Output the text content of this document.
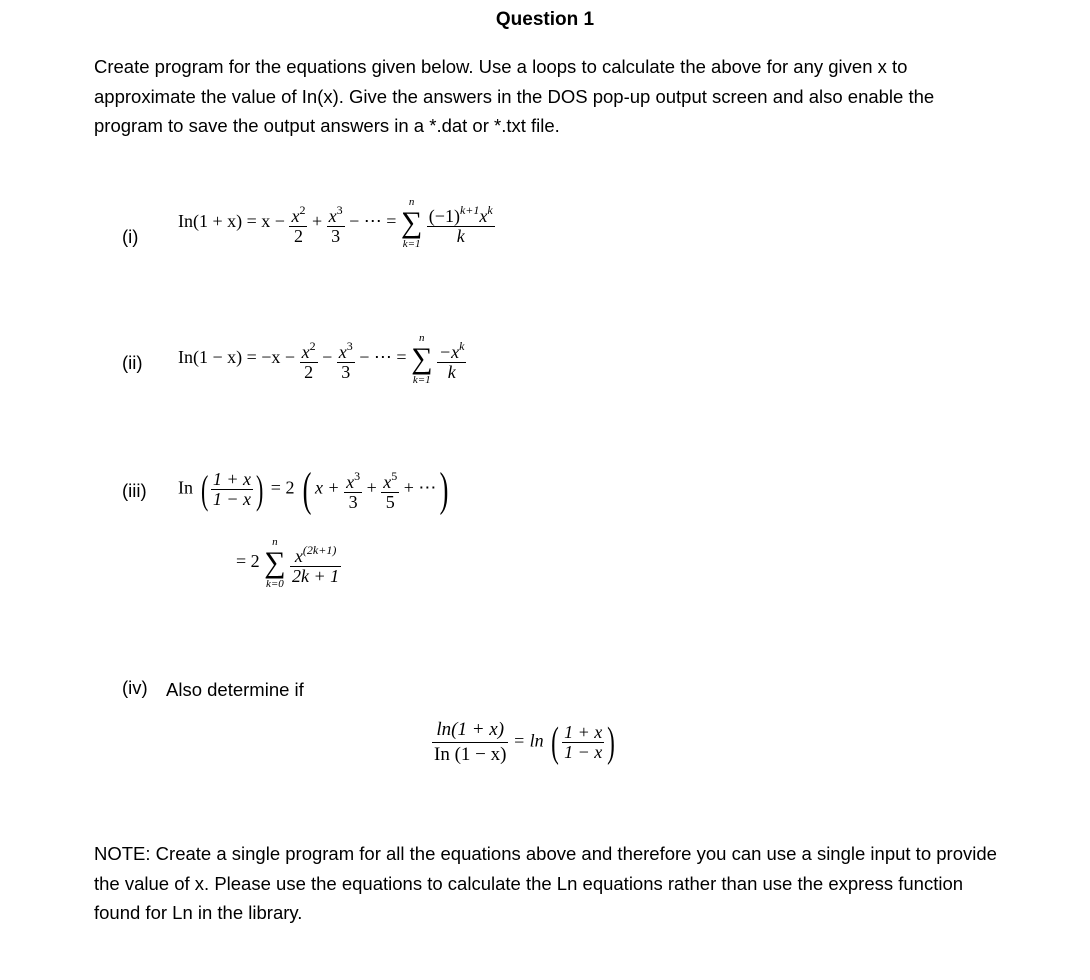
Question 1
Create program for the equations given below. Use a loops to calculate the above for any given x to approximate the value of In(x). Give the answers in the DOS pop-up output screen and also enable the program to save the output answers in a *.dat or *.txt file.
(i)
$In(1 + x) = x - \frac{x^2}{2} + \frac{x^3}{3}$ − ⋯ =
n
∑
k=1
$\frac{(-1)^{k+1}x^k}{k}$
(ii) $In(1 - x) = -x - \frac{x^2}{2} - \frac{x^3}{3}$ − ⋯ =
n
∑
k=1
$\frac{-x^k}{k}$
(iii) In ( $\frac{1 + x}{1 - x}$ ) = 2 ( $x + \frac{x^3}{3} + \frac{x^5}{5}$ + ⋯)
= 2
n
∑
k=0
$\frac{x^{(2k+1)}}{2k + 1}$
(iv) Also determine if
$\frac{\ln(1 + x)}{In (1 - x)} = \ln$ ( $\frac{1 + x}{1 - x}$ )
NOTE: Create a single program for all the equations above and therefore you can use a single input to provide the value of x. Please use the equations to calculate the Ln equations rather than use the express function found for Ln in the library.
